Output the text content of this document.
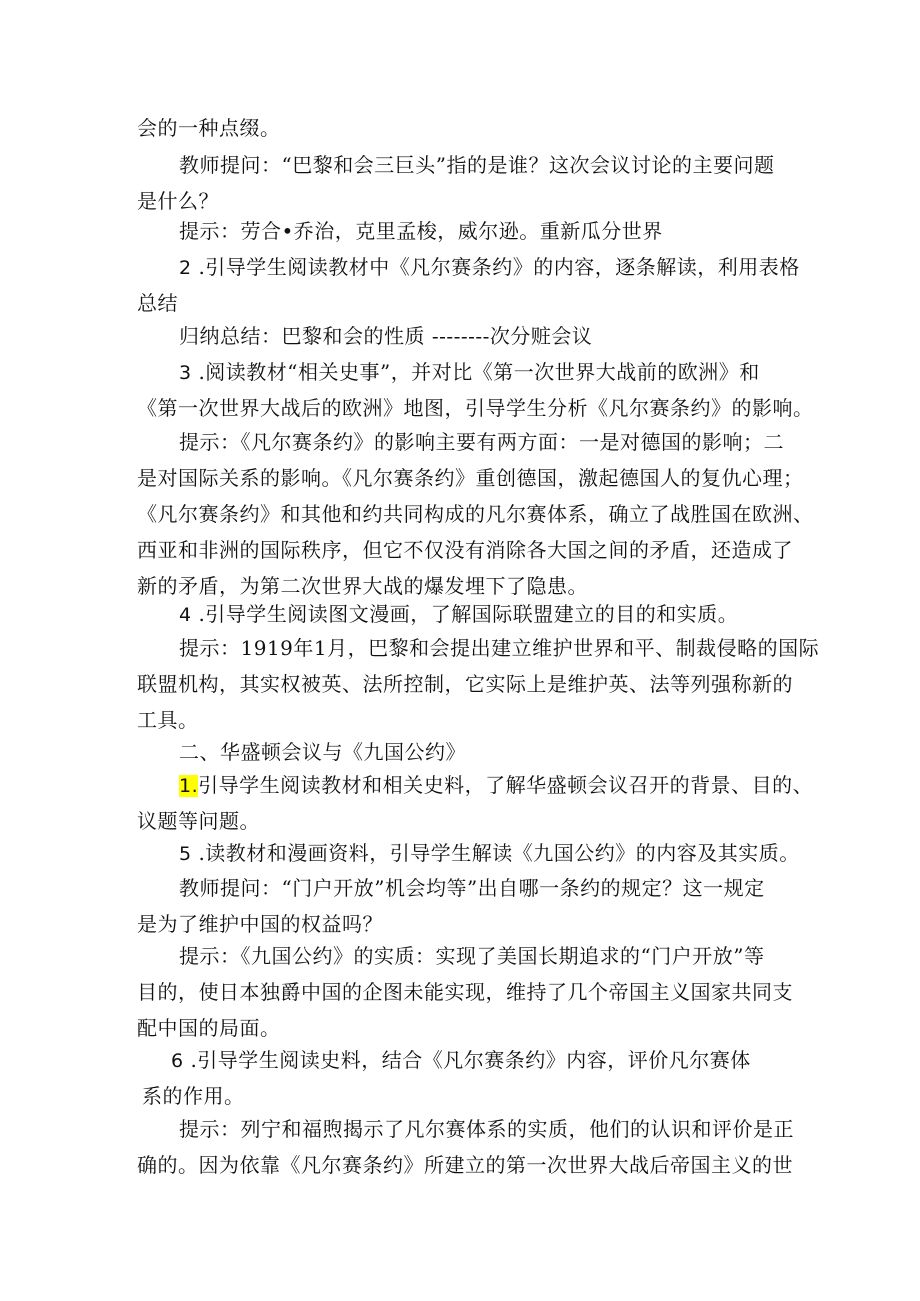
会的一种点缀。
教师提问：“巴黎和会三巨头”指的是谁？这次会议讨论的主要问题
是什么？
提示：劳合•乔治，克里孟梭，威尔逊。重新瓜分世界
2 .引导学生阅读教材中《凡尔赛条约》的内容，逐条解读，利用表格
总结
归纳总结：巴黎和会的性质 --------次分赃会议
3 .阅读教材“相关史事”，并对比《第一次世界大战前的欧洲》和
《第一次世界大战后的欧洲》地图，引导学生分析《凡尔赛条约》的影响。
提示：《凡尔赛条约》的影响主要有两方面：一是对德国的影响；二
是对国际关系的影响。《凡尔赛条约》重创德国，激起德国人的复仇心理；
《凡尔赛条约》和其他和约共同构成的凡尔赛体系，确立了战胜国在欧洲、
西亚和非洲的国际秩序，但它不仅没有消除各大国之间的矛盾，还造成了
新的矛盾，为第二次世界大战的爆发埋下了隐患。
4 .引导学生阅读图文漫画，了解国际联盟建立的目的和实质。
提示：1919年1月，巴黎和会提出建立维护世界和平、制裁侵略的国际
联盟机构，其实权被英、法所控制，它实际上是维护英、法等列强称新的
工具。
二、华盛顿会议与《九国公约》
1.引导学生阅读教材和相关史料，了解华盛顿会议召开的背景、目的、
议题等问题。
5 .读教材和漫画资料，引导学生解读《九国公约》的内容及其实质。
教师提问：“门户开放”机会均等”出自哪一条约的规定？这一规定
是为了维护中国的权益吗？
提示：《九国公约》的实质：实现了美国长期追求的“门户开放”等
目的，使日本独爵中国的企图未能实现，维持了几个帝国主义国家共同支
配中国的局面。
6 .引导学生阅读史料，结合《凡尔赛条约》内容，评价凡尔赛体
系的作用。
提示：列宁和福煦揭示了凡尔赛体系的实质，他们的认识和评价是正
确的。因为依靠《凡尔赛条约》所建立的第一次世界大战后帝国主义的世
